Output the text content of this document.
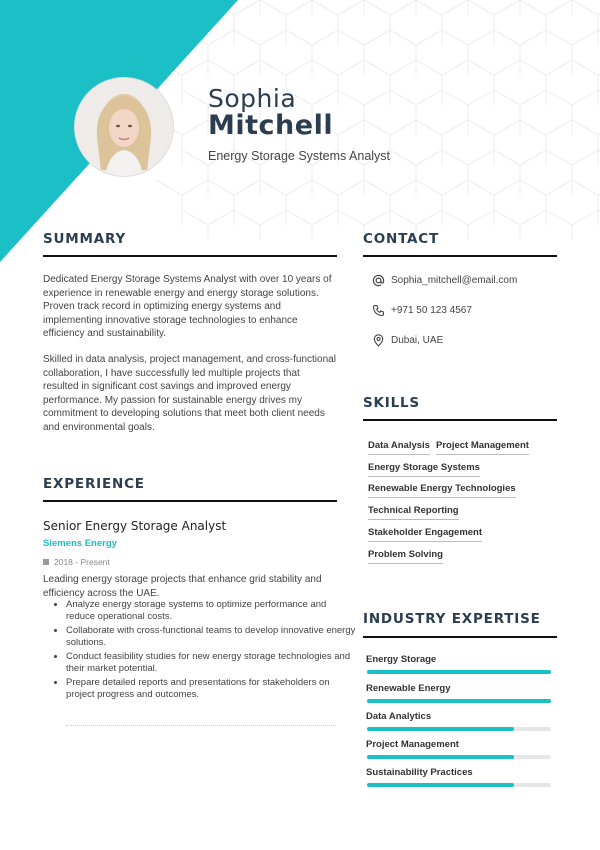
Sophia
Mitchell
Energy Storage Systems Analyst
SUMMARY

Dedicated Energy Storage Systems Analyst with over 10 years of experience in renewable energy and energy storage solutions. Proven track record in optimizing energy systems and implementing innovative storage technologies to enhance efficiency and sustainability.

Skilled in data analysis, project management, and cross-functional collaboration, I have successfully led multiple projects that resulted in significant cost savings and improved energy performance. My passion for sustainable energy drives my commitment to developing solutions that meet both client needs and environmental goals.

EXPERIENCE
Senior Energy Storage Analyst
Siemens Energy
2018 - Present

Leading energy storage projects that enhance grid stability and efficiency across the UAE.

• Analyze energy storage systems to optimize performance and reduce operational costs.
• Collaborate with cross-functional teams to develop innovative energy solutions.
• Conduct feasibility studies for new energy storage technologies and their market potential.
• Prepare detailed reports and presentations for stakeholders on project progress and outcomes.
CONTACT
Sophia_mitchell@email.com
+971 50 123 4567
Dubai, UAE
SKILLS
Data Analysis Project Management
Energy Storage Systems
Renewable Energy Technologies
Technical Reporting
Stakeholder Engagement
Problem Solving
INDUSTRY EXPERTISE
Energy Storage
Renewable Energy
Data Analytics
Project Management
Sustainability Practices
